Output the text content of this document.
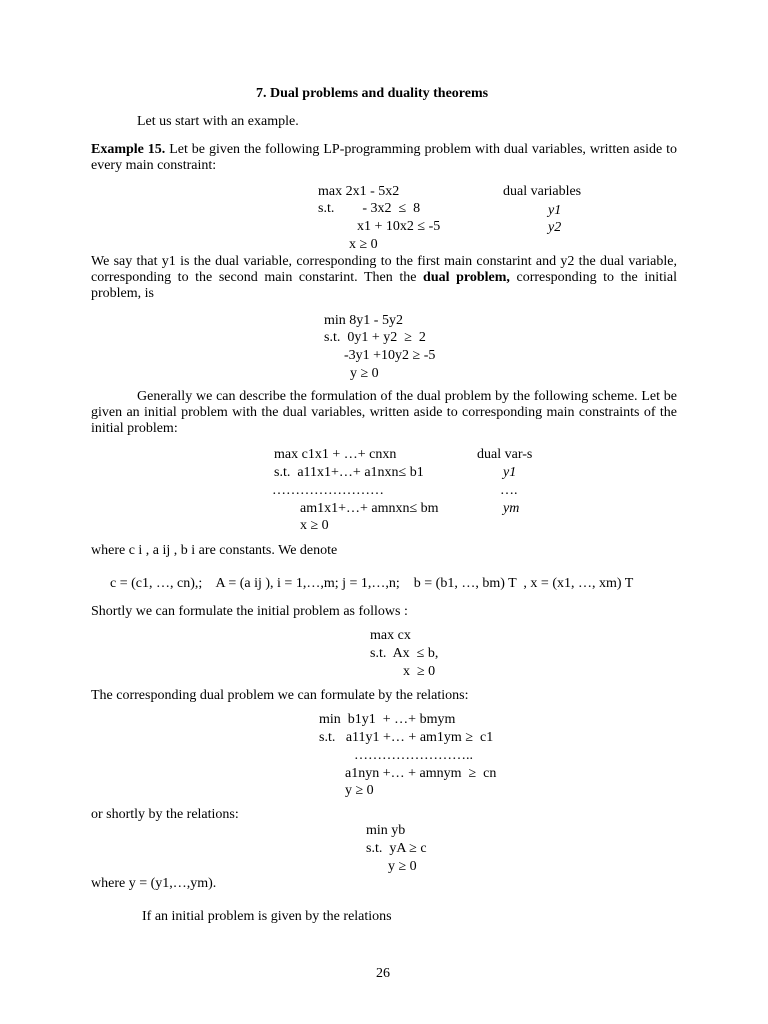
7. Dual problems and duality theorems
Let us start with an example.
Example 15. Let be given the following LP-programming problem with dual variables, written aside to every main constraint:
max 2x1 - 5x2
s.t.        - 3x2  ≤  8
x1 + 10x2 ≤ -5
x ≥ 0
dual variables
y1
y2
We say that y1 is the dual variable, corresponding to the first main constarint and y2 the dual variable, corresponding to the second main constarint. Then the dual problem, corresponding to the initial problem, is
min 8y1 - 5y2
s.t.  0y1 + y2  ≥  2
-3y1 +10y2 ≥ -5
y ≥ 0
Generally we can describe the formulation of the dual problem by the following scheme. Let be given an initial problem with the dual variables, written aside to corresponding main constraints of the initial problem:
max c1x1 + …+ cnxn
s.t.  a11x1+…+ a1nxn≤ b1
……………………
am1x1+…+ amnxn≤ bm
x ≥ 0
dual var-s
y1
….
ym
where c i , a ij , b i are constants. We denote
c = (c1, …, cn),;    A = (a ij ), i = 1,…,m; j = 1,…,n;    b = (b1, …, bm) T  , x = (x1, …, xm) T
Shortly we can formulate the initial problem as follows :
max cx
s.t.  Ax  ≤ b,
x  ≥ 0
The corresponding dual problem we can formulate by the relations:
min  b1y1  + …+ bmym
s.t.   a11y1 +… + am1ym ≥  c1
……………………..
a1nyn +… + amnym  ≥  cn
y ≥ 0
or shortly by the relations:
min yb
s.t.  yA ≥ c
y ≥ 0
where y = (y1,…,ym).
If an initial problem is given by the relations
26
